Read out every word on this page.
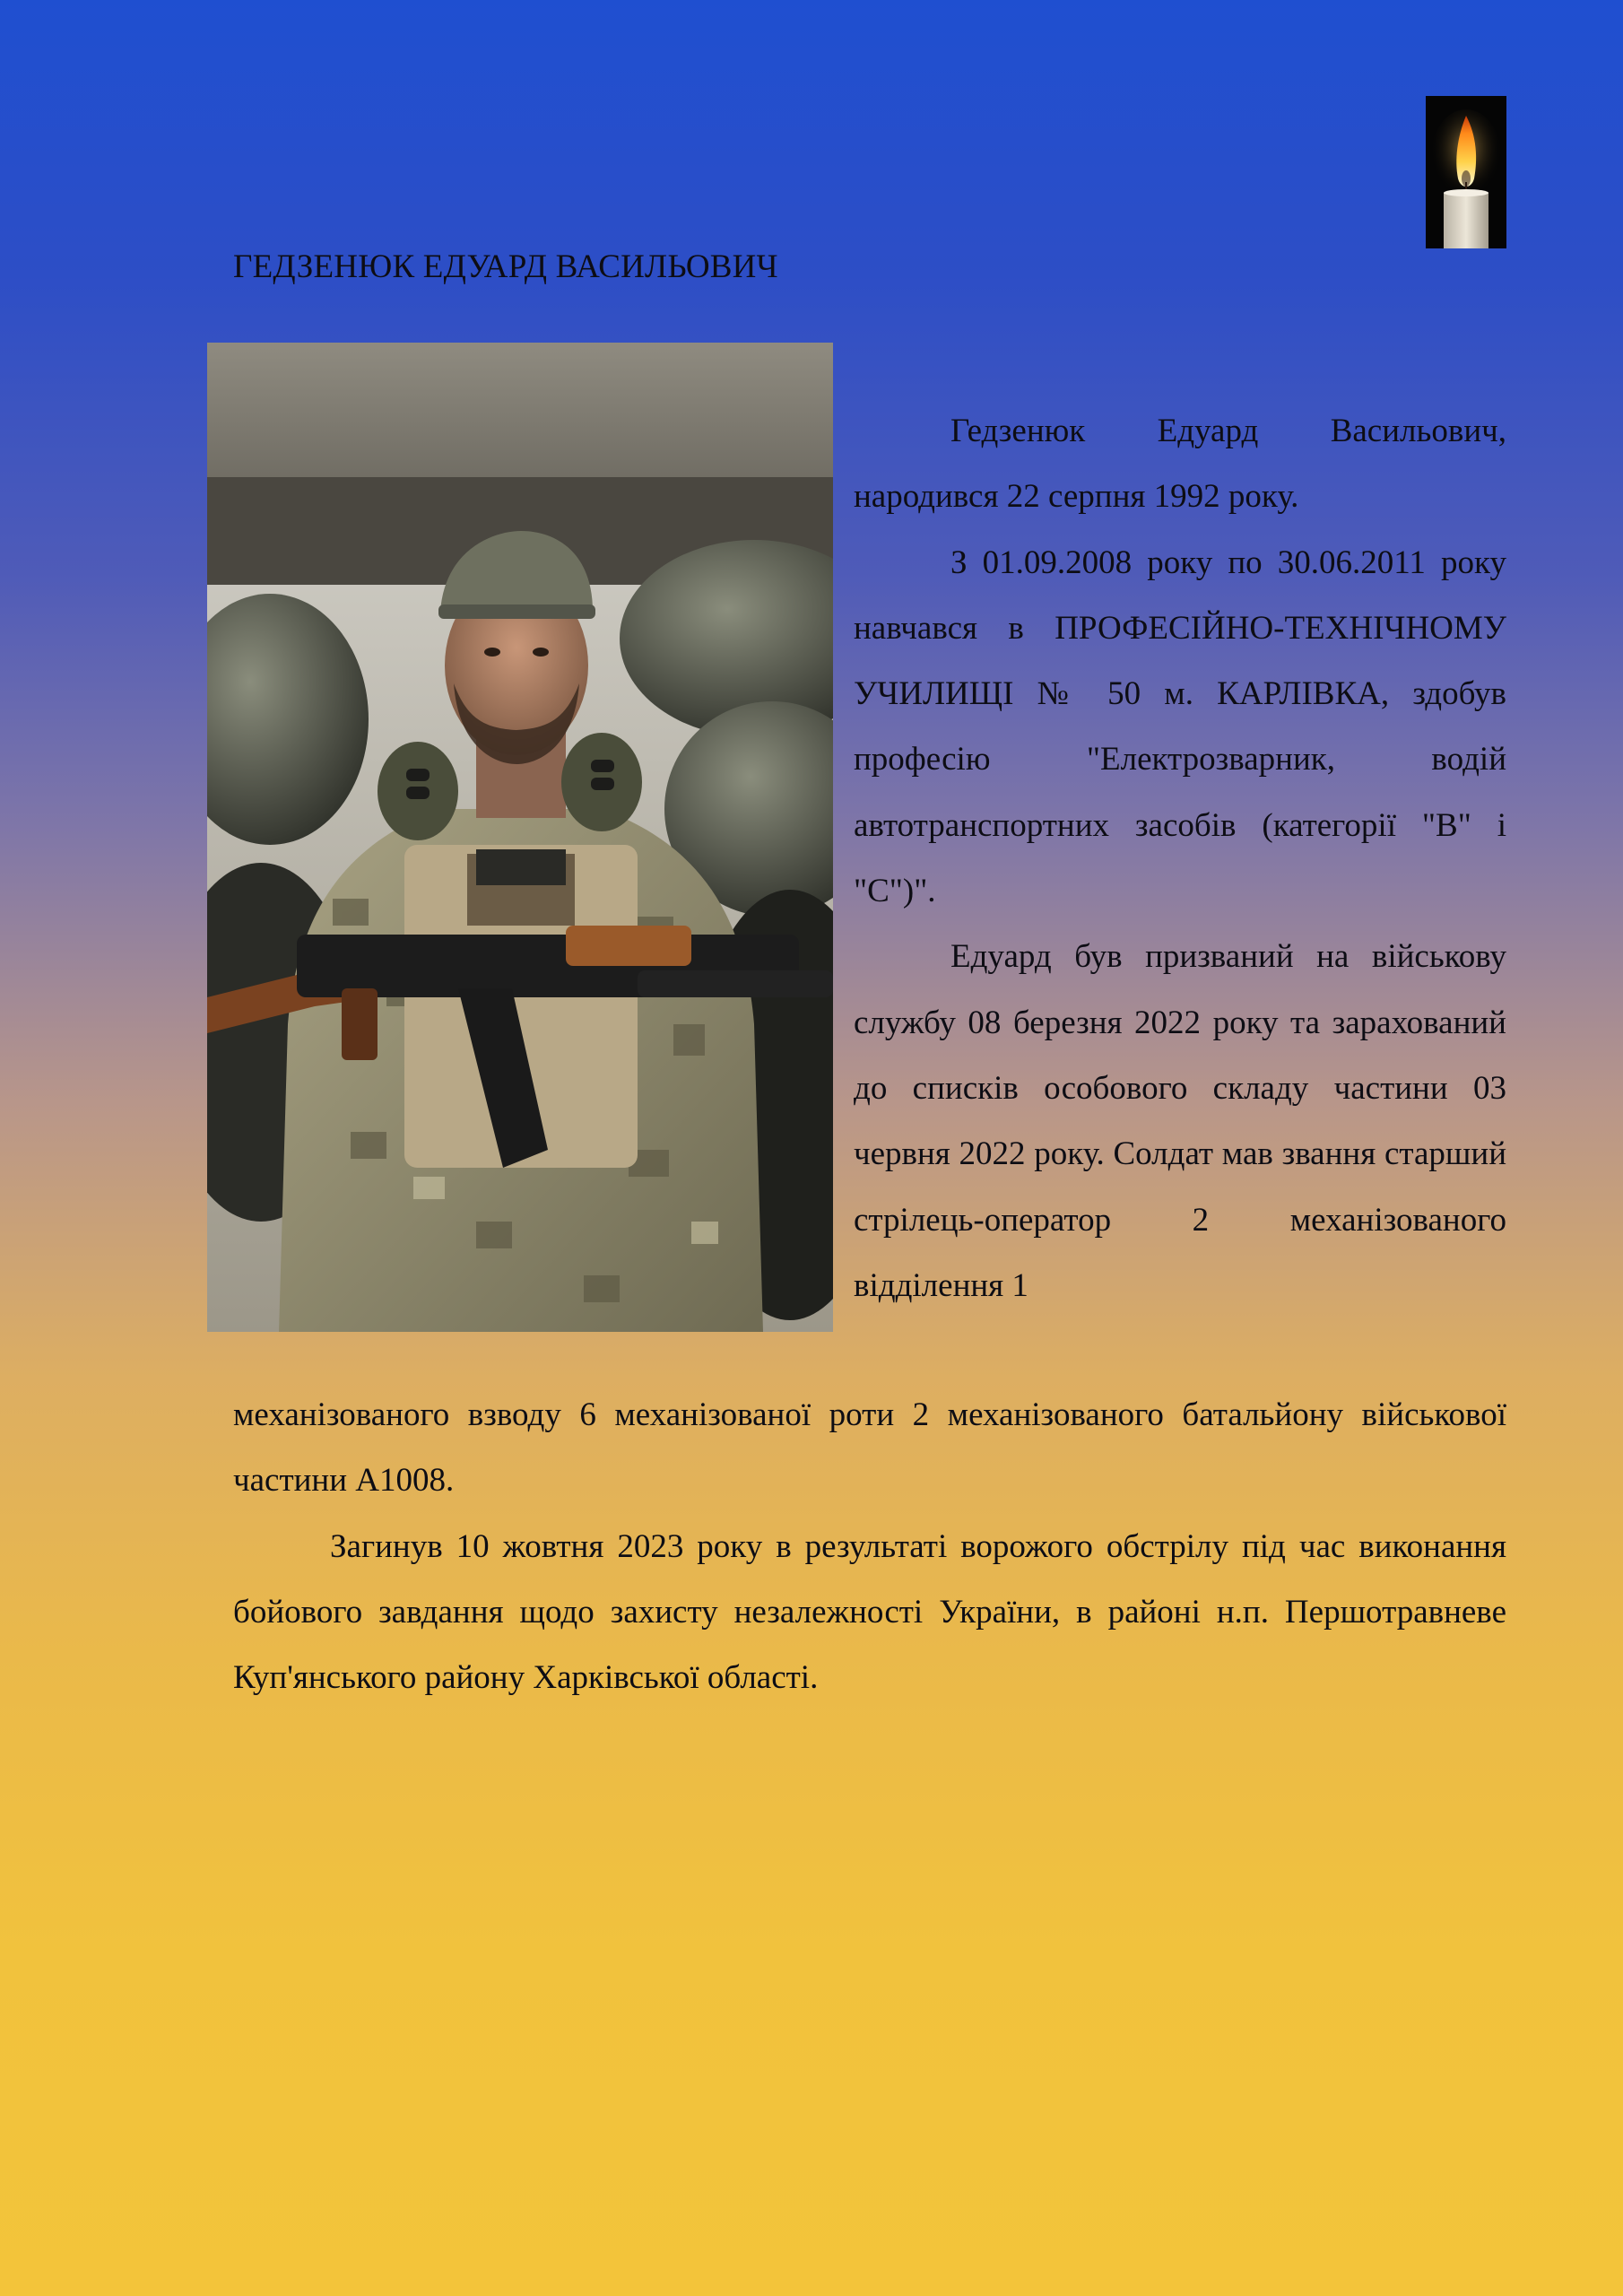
ГЕДЗЕНЮК ЕДУАРД ВАСИЛЬОВИЧ

Гедзенюк Едуард Васильович, народився 22 серпня 1992 року.

З 01.09.2008 року по 30.06.2011 року навчався в ПРОФЕСІЙНО-ТЕХНІЧНОМУ УЧИЛИЩІ № 50 м. КАРЛІВКА, здобув професію "Електрозварник, водій автотранспортних засобів (категорії "B" і "C")".

Едуард був призваний на військову службу 08 березня 2022 року та зарахований до списків особового складу частини 03 червня 2022 року. Солдат мав звання старший стрілець-оператор 2 механізованого відділення 1

механізованого взводу 6 механізованої роти 2 механізованого батальйону військової частини А1008.

Загинув 10 жовтня 2023 року в результаті ворожого обстрілу під час виконання бойового завдання щодо захисту незалежності України, в районі н.п. Першотравневе Куп'янського району Харківської області.
